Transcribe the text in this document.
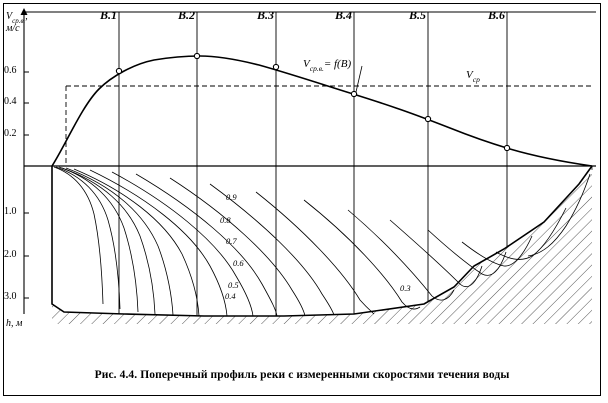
В.1	В.2	В.3	В.4	В.5	В.6
$V_{ср.в.}$,
м/с
0.6
0.4
0.2
1.0
2.0
3.0
h, м
$V_{ср.в.}= f(B)$
$V_{ср}$
0.9
0.8
0.7
0.6
0.5
0.4
0.3
Рис. 4.4. Поперечный профиль реки с измеренными скоростями течения воды
